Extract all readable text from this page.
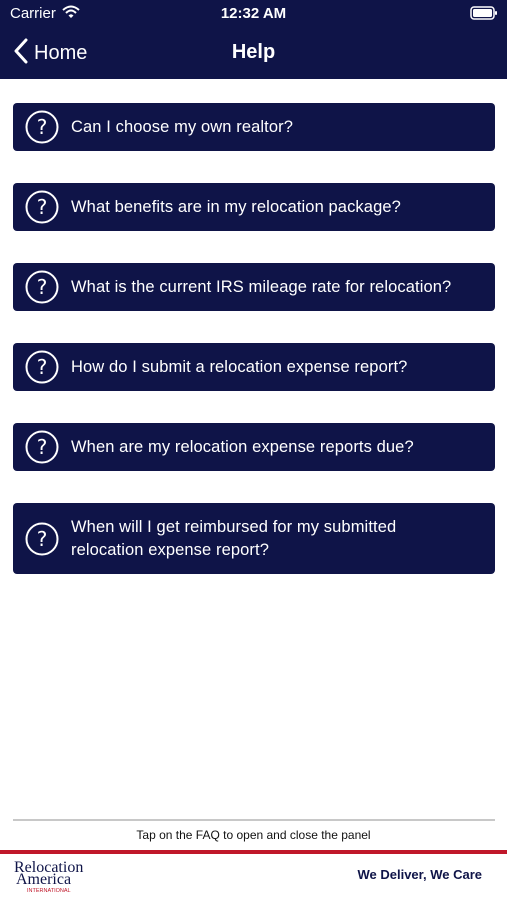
Carrier	12:32 AM
Home	Help
? Can I choose my own realtor?
? What benefits are in my relocation package?
? What is the current IRS mileage rate for relocation?
? How do I submit a relocation expense report?
? When are my relocation expense reports due?
? When will I get reimbursed for my submitted relocation expense report?
Tap on the FAQ to open and close the panel
Relocation
America
INTERNATIONAL
We Deliver, We Care
